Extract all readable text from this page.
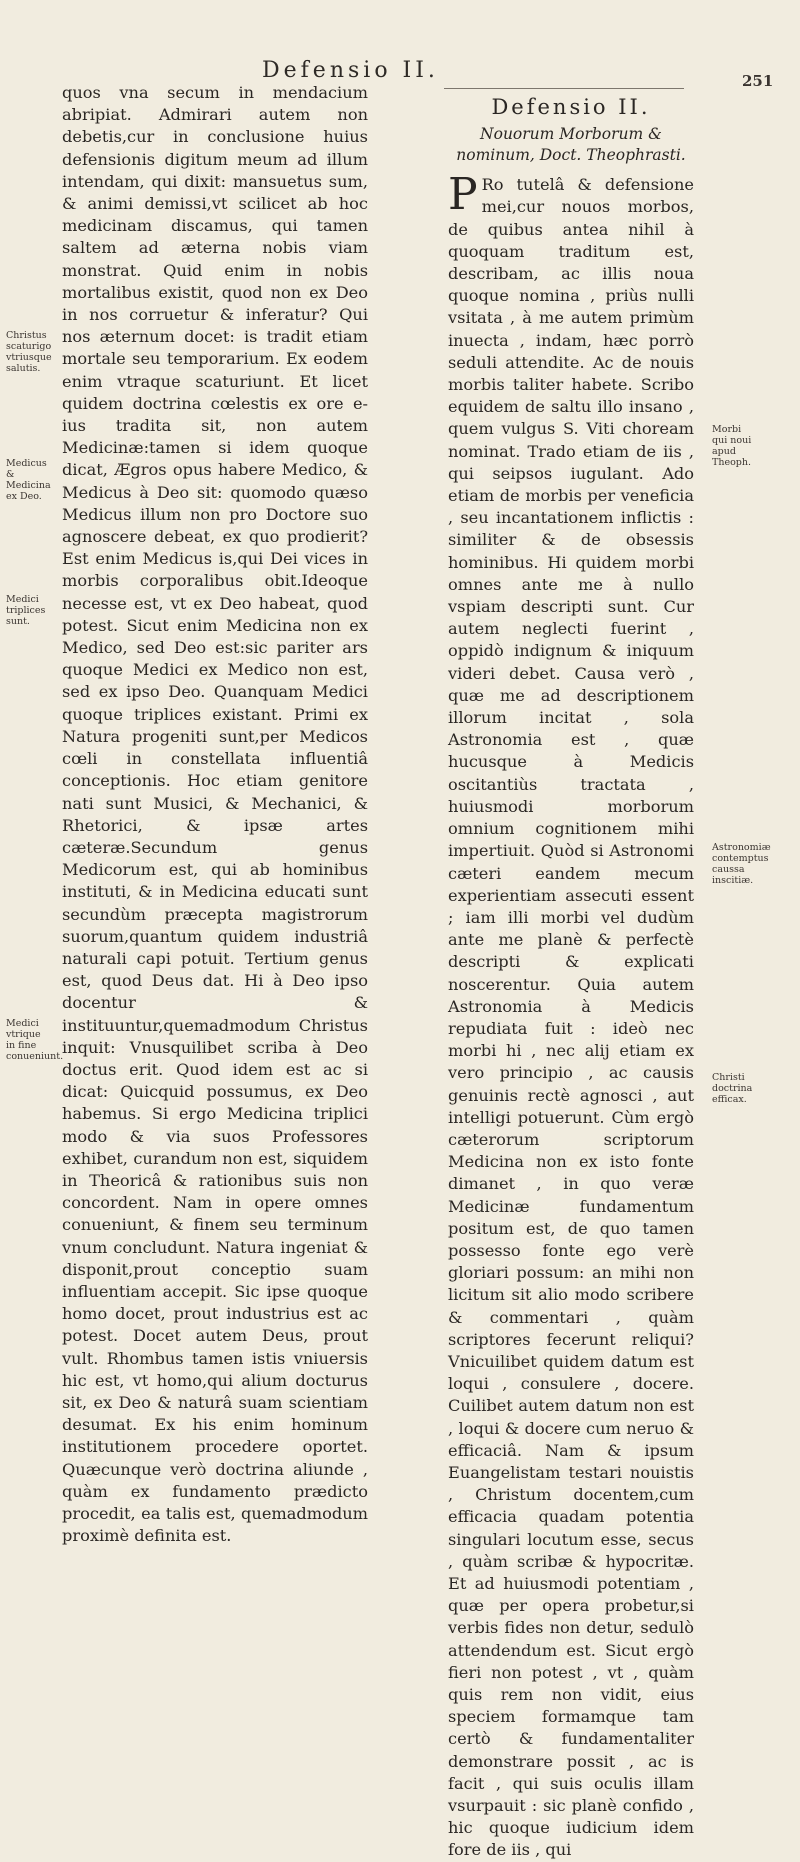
Defensio II.	251
quos vna secum in mendacium abripiat. Admirari autem non debetis,cur in conclusione huius defensionis digitum meum ad illum intendam, qui dixit: mansuetus sum, & animi demissi,vt scilicet ab hoc medicinam discamus, qui tamen saltem ad æterna nobis viam monstrat. Quid enim in nobis mortalibus existit, quod non ex Deo in nos corruetur & inferatur? Qui nos æternum docet: is tradit etiam mortale seu temporarium. Ex eodem enim vtraque scaturiunt. Et licet quidem doctrina cœlestis ex ore e-ius tradita sit, non autem Medicinæ:tamen si idem quoque dicat, Ægros opus habere Medico, & Medicus à Deo sit: quomodo quæso Medicus illum non pro Doctore suo agnoscere debeat, ex quo prodierit? Est enim Medicus is,qui Dei vices in morbis corporalibus obit.Ideoque necesse est, vt ex Deo habeat, quod potest. Sicut enim Medicina non ex Medico, sed Deo est:sic pariter ars quoque Medici ex Medico non est, sed ex ipso Deo. Quanquam Medici quoque triplices existant. Primi ex Natura progeniti sunt,per Medicos cœli in constellata influentiâ conceptionis. Hoc etiam genitore nati sunt Musici, & Mechanici, & Rhetorici, & ipsæ artes cæteræ.Secundum genus Medicorum est, qui ab hominibus instituti, & in Medicina educati sunt secundùm præcepta magistrorum suorum,quantum quidem industriâ naturali capi potuit. Tertium genus est, quod Deus dat. Hi à Deo ipso docentur & instituuntur,quemadmodum Christus inquit: Vnusquilibet scriba à Deo doctus erit. Quod idem est ac si dicat: Quicquid possumus, ex Deo habemus. Si ergo Medicina triplici modo & via suos Professores exhibet, curandum non est, siquidem in Theoricâ & rationibus suis non concordent. Nam in opere omnes conueniunt, & finem seu terminum vnum concludunt. Natura ingeniat & disponit,prout conceptio suam influentiam accepit. Sic ipse quoque homo docet, prout industrius est ac potest. Docet autem Deus, prout vult. Rhombus tamen istis vniuersis hic est, vt homo,qui alium docturus sit, ex Deo & naturâ suam scientiam desumat. Ex his enim hominum institutionem procedere oportet. Quæcunque verò doctrina aliunde , quàm ex fundamento prædicto procedit, ea talis est, quemadmodum proximè definita est.
Christus scaturigo vtriusque salutis.
Medicus & Medicina ex Deo.
Medici triplices sunt.
Medici vtrique in fine conueniunt.
Defensio II.
Nouorum Morborum & nominum, Doct. Theophrasti.
PRo tutelâ & defensione mei,cur nouos morbos, de quibus antea nihil à quoquam traditum est, describam, ac illis noua quoque nomina , priùs nulli vsitata , à me autem primùm inuecta , indam, hæc porrò seduli attendite. Ac de nouis morbis taliter habete. Scribo equidem de saltu illo insano , quem vulgus S. Viti choream nominat. Trado etiam de iis , qui seipsos iugulant. Ado etiam de morbis per veneficia , seu incantationem inflictis : similiter & de obsessis hominibus. Hi quidem morbi omnes ante me à nullo vspiam descripti sunt. Cur autem neglecti fuerint , oppidò indignum & iniquum videri debet. Causa verò , quæ me ad descriptionem illorum incitat , sola Astronomia est , quæ hucusque à Medicis oscitantiùs tractata , huiusmodi morborum omnium cognitionem mihi impertiuit. Quòd si Astronomi cæteri eandem mecum experientiam assecuti essent ; iam illi morbi vel dudùm ante me planè & perfectè descripti & explicati noscerentur. Quia autem Astronomia à Medicis repudiata fuit : ideò nec morbi hi , nec alij etiam ex vero principio , ac causis genuinis rectè agnosci , aut intelligi potuerunt. Cùm ergò cæterorum scriptorum Medicina non ex isto fonte dimanet , in quo veræ Medicinæ fundamentum positum est, de quo tamen possesso fonte ego verè gloriari possum: an mihi non licitum sit alio modo scribere & commentari , quàm scriptores fecerunt reliqui? Vnicuilibet quidem datum est loqui , consulere , docere. Cuilibet autem datum non est , loqui & docere cum neruo & efficaciâ. Nam & ipsum Euangelistam testari nouistis , Christum docentem,cum efficacia quadam potentia singulari locutum esse, secus , quàm scribæ & hypocritæ. Et ad huiusmodi potentiam , quæ per opera probetur,si verbis fides non detur, sedulò attendendum est. Sicut ergò fieri non potest , vt , quàm quis rem non vidit, eius speciem formamque tam certò & fundamentaliter demonstrare possit , ac is facit , qui suis oculis illam vsurpauit : sic planè confido , hic quoque iudicium idem fore de iis , qui
Morbi qui noui apud Theoph.
Astronomiæ contemptus caussa inscitiæ.
Christi doctrina efficax.
